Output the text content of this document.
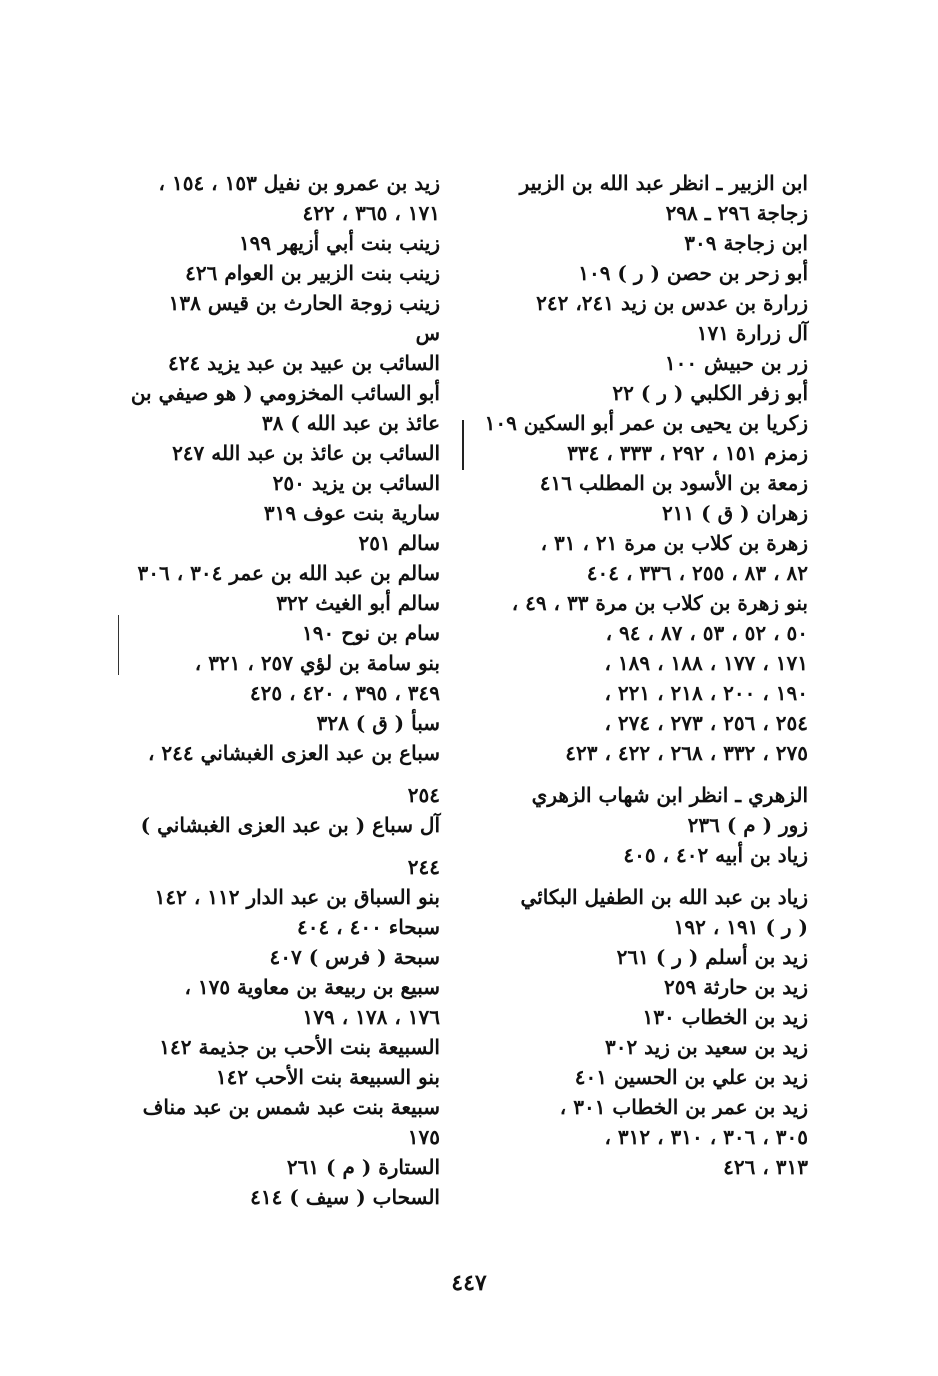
ابن الزبير ـ انظر عبد الله بن الزبير
زجاجة ٢٩٦ ـ ٢٩٨
ابن زجاجة ٣٠٩
أبو زحر بن حصن ( ر ) ١٠٩
زرارة بن عدس بن زيد ٢٤١، ٢٤٢
آل زرارة ١٧١
زر بن حبيش ١٠٠
أبو زفر الكلبي ( ر ) ٢٢
زكريا بن يحيى بن عمر أبو السكين ١٠٩
زمزم ١٥١ ، ٢٩٢ ، ٣٣٣ ، ٣٣٤
زمعة بن الأسود بن المطلب ٤١٦
زهران ( ق ) ٢١١
زهرة بن كلاب بن مرة ٢١ ، ٣١ ،
٨٢ ، ٨٣ ، ٢٥٥ ، ٣٣٦ ، ٤٠٤
بنو زهرة بن كلاب بن مرة ٣٣ ، ٤٩ ،
٥٠ ، ٥٢ ، ٥٣ ، ٨٧ ، ٩٤ ،
١٧١ ، ١٧٧ ، ١٨٨ ، ١٨٩ ،
١٩٠ ، ٢٠٠ ، ٢١٨ ، ٢٢١ ،
٢٥٤ ، ٢٥٦ ، ٢٧٣ ، ٢٧٤ ،
٢٧٥ ، ٣٣٢ ، ٢٦٨ ، ٤٢٢ ، ٤٢٣
الزهري ـ انظر ابن شهاب الزهري
زور ( م ) ٢٣٦
زياد بن أبيه ٤٠٢ ، ٤٠٥
زياد بن عبد الله بن الطفيل البكائي
( ر ) ١٩١ ، ١٩٢
زيد بن أسلم ( ر ) ٢٦١
زيد بن حارثة ٢٥٩
زيد بن الخطاب ١٣٠
زيد بن سعيد بن زيد ٣٠٢
زيد بن علي بن الحسين ٤٠١
زيد بن عمر بن الخطاب ٣٠١ ،
٣٠٥ ، ٣٠٦ ، ٣١٠ ، ٣١٢ ،
٣١٣ ، ٤٢٦
زيد بن عمرو بن نفيل ١٥٣ ، ١٥٤ ،
١٧١ ، ٣٦٥ ، ٤٢٢
زينب بنت أبي أزيهر ١٩٩
زينب بنت الزبير بن العوام ٤٢٦
زينب زوجة الحارث بن قيس ١٣٨
س
السائب بن عبيد بن عبد يزيد ٤٢٤
أبو السائب المخزومي ( هو صيفي بن
عائذ بن عبد الله ) ٣٨
السائب بن عائذ بن عبد الله ٢٤٧
السائب بن يزيد ٢٥٠
سارية بنت عوف ٣١٩
سالم ٢٥١
سالم بن عبد الله بن عمر ٣٠٤ ، ٣٠٦
سالم أبو الغيث ٣٢٢
سام بن نوح ١٩٠
بنو سامة بن لؤي ٢٥٧ ، ٣٢١ ،
٣٤٩ ، ٣٩٥ ، ٤٢٠ ، ٤٢٥
سبأ ( ق ) ٣٢٨
سباع بن عبد العزى الغبشاني ٢٤٤ ،
٢٥٤
آل سباع ( بن عبد العزى الغبشاني )
٢٤٤
بنو السباق بن عبد الدار ١١٢ ، ١٤٢
سبحاء ٤٠٠ ، ٤٠٤
سبحة ( فرس ) ٤٠٧
سبيع بن ربيعة بن معاوية ١٧٥ ،
١٧٦ ، ١٧٨ ، ١٧٩
السبيعة بنت الأحب بن جذيمة ١٤٢
بنو السبيعة بنت الأحب ١٤٢
سبيعة بنت عبد شمس بن عبد مناف
١٧٥
الستارة ( م ) ٢٦١
السحاب ( سيف ) ٤١٤
٤٤٧
